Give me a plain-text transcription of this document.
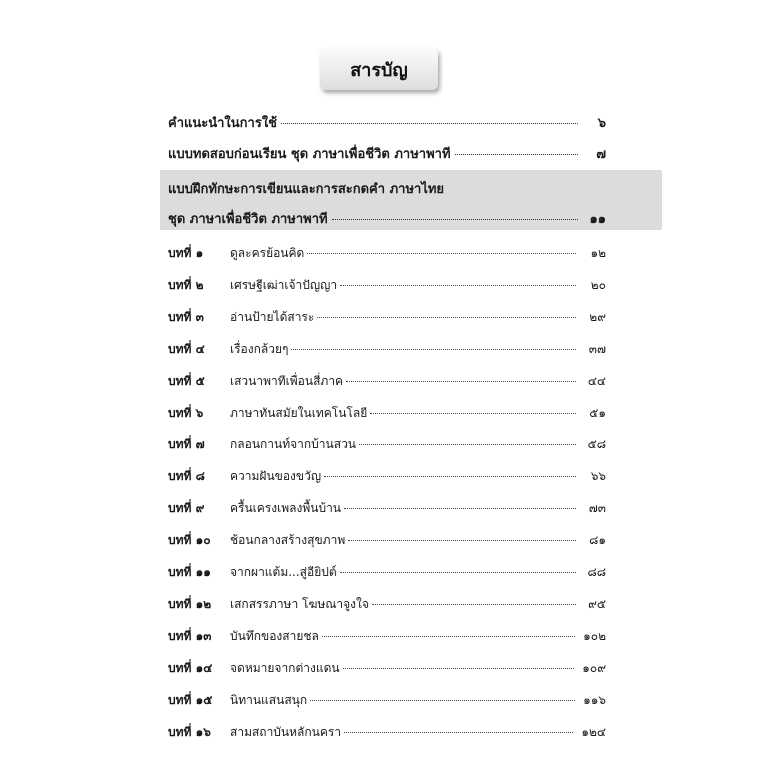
สารบัญ
คำแนะนำในการใช้	๖
แบบทดสอบก่อนเรียน ชุด ภาษาเพื่อชีวิต ภาษาพาที	๗
แบบฝึกทักษะการเขียนและการสะกดคำ ภาษาไทย
ชุด ภาษาเพื่อชีวิต ภาษาพาที	๑๑
บทที่ ๑	ดูละครย้อนคิด	๑๒
บทที่ ๒	เศรษฐีเฒ่าเจ้าปัญญา	๒๐
บทที่ ๓	อ่านป้ายได้สาระ	๒๙
บทที่ ๔	เรื่องกล้วยๆ	๓๗
บทที่ ๕	เสวนาพาทีเพื่อนสี่ภาค	๔๔
บทที่ ๖	ภาษาทันสมัยในเทคโนโลยี	๕๑
บทที่ ๗	กลอนกานท์จากบ้านสวน	๕๘
บทที่ ๘	ความฝันของขวัญ	๖๖
บทที่ ๙	ครื้นเครงเพลงพื้นบ้าน	๗๓
บทที่ ๑๐	ช้อนกลางสร้างสุขภาพ	๘๑
บทที่ ๑๑	จากผาแต้ม...สู่อียิปต์	๘๘
บทที่ ๑๒	เสกสรรภาษา โฆษณาจูงใจ	๙๕
บทที่ ๑๓	บันทึกของสายชล	๑๐๒
บทที่ ๑๔	จดหมายจากต่างแดน	๑๐๙
บทที่ ๑๕	นิทานแสนสนุก	๑๑๖
บทที่ ๑๖	สามสถาบันหลักนครา	๑๒๔
